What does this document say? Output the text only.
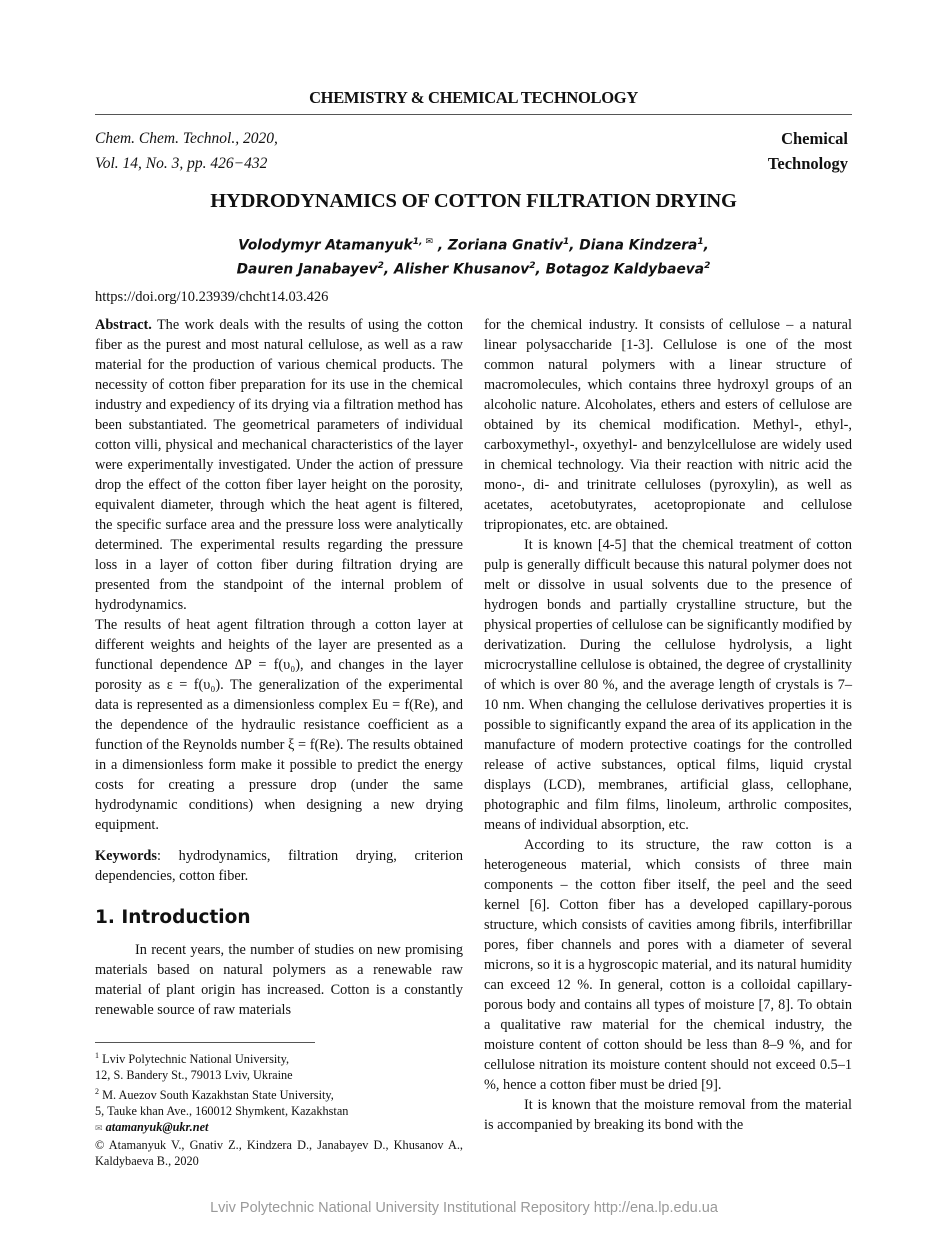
CHEMISTRY & CHEMICAL TECHNOLOGY
Chem. Chem. Technol., 2020,
Vol. 14, No. 3, pp. 426−432
Chemical
Technology
HYDRODYNAMICS OF COTTON FILTRATION DRYING
Volodymyr Atamanyuk$^{1, ✉}$ , Zoriana Gnativ$^1$, Diana Kindzera$^1$,
Dauren Janabayev$^2$, Alisher Khusanov$^2$, Botagoz Kaldybaeva$^2$
https://doi.org/10.23939/chcht14.03.426

Abstract. The work deals with the results of using the cotton fiber as the purest and most natural cellulose, as well as a raw material for the production of various chemical products. The necessity of cotton fiber preparation for its use in the chemical industry and expediency of its drying via a filtration method has been substantiated. The geometrical parameters of individual cotton villi, physical and mechanical characteristics of the layer were experimentally investigated. Under the action of pressure drop the effect of the cotton fiber layer height on the porosity, equivalent diameter, through which the heat agent is filtered, the specific surface area and the pressure loss were analytically determined. The experimental results regarding the pressure loss in a layer of cotton fiber during filtration drying are presented from the standpoint of the internal problem of hydrodynamics.

The results of heat agent filtration through a cotton layer at different weights and heights of the layer are presented as a functional dependence ΔP = f(υ₀), and changes in the layer porosity as ε = f(υ₀). The generalization of the experimental data is represented as a dimensionless complex Eu = f(Re), and the dependence of the hydraulic resistance coefficient as a function of the Reynolds number ξ = f(Re). The results obtained in a dimensionless form make it possible to predict the energy costs for creating a pressure drop (under the same hydrodynamic conditions) when designing a new drying equipment.

Keywords: hydrodynamics, filtration drying, criterion dependencies, cotton fiber.

1. Introduction

In recent years, the number of studies on new promising materials based on natural polymers as a renewable raw material of plant origin has increased. Cotton is a constantly renewable source of raw materials

$^1$ Lviv Polytechnic National University,
12, S. Bandery St., 79013 Lviv, Ukraine
$^2$ M. Auezov South Kazakhstan State University,
5, Tauke khan Ave., 160012 Shymkent, Kazakhstan
✉ atamanyuk@ukr.net
© Atamanyuk V., Gnativ Z., Kindzera D., Janabayev D., Khusanov A., Kaldybaeva B., 2020

for the chemical industry. It consists of cellulose – a natural linear polysaccharide [1-3]. Cellulose is one of the most common natural polymers with a linear structure of macromolecules, which contains three hydroxyl groups of an alcoholic nature. Alcoholates, ethers and esters of cellulose are obtained by its chemical modification. Methyl-, ethyl-, carboxymethyl-, oxyethyl- and benzylcellulose are widely used in chemical technology. Via their reaction with nitric acid the mono-, di- and trinitrate celluloses (pyroxylin), as well as acetates, acetobutyrates, acetopropionate and cellulose tripropionates, etc. are obtained.

It is known [4-5] that the chemical treatment of cotton pulp is generally difficult because this natural polymer does not melt or dissolve in usual solvents due to the presence of hydrogen bonds and partially crystalline structure, but the physical properties of cellulose can be significantly modified by derivatization. During the cellulose hydrolysis, a light microcrystalline cellulose is obtained, the degree of crystallinity of which is over 80 %, and the average length of crystals is 7–10 nm. When changing the cellulose derivatives properties it is possible to significantly expand the area of its application in the manufacture of modern protective coatings for the controlled release of active substances, optical films, liquid crystal displays (LCD), membranes, artificial glass, cellophane, photographic and film films, linoleum, arthrolic composites, means of individual absorption, etc.

According to its structure, the raw cotton is a heterogeneous material, which consists of three main components – the cotton fiber itself, the peel and the seed kernel [6]. Cotton fiber has a developed capillary-porous structure, which consists of cavities among fibrils, interfibrillar pores, fiber channels and pores with a diameter of several microns, so it is a hygroscopic material, and its natural humidity can exceed 12 %. In general, cotton is a colloidal capillary-porous body and contains all types of moisture [7, 8]. To obtain a qualitative raw material for the chemical industry, the moisture content of cotton should be less than 8–9 %, and for cellulose nitration its moisture content should not exceed 0.5–1 %, hence a cotton fiber must be dried [9].

It is known that the moisture removal from the material is accompanied by breaking its bond with the

Lviv Polytechnic National University Institutional Repository http://ena.lp.edu.ua
